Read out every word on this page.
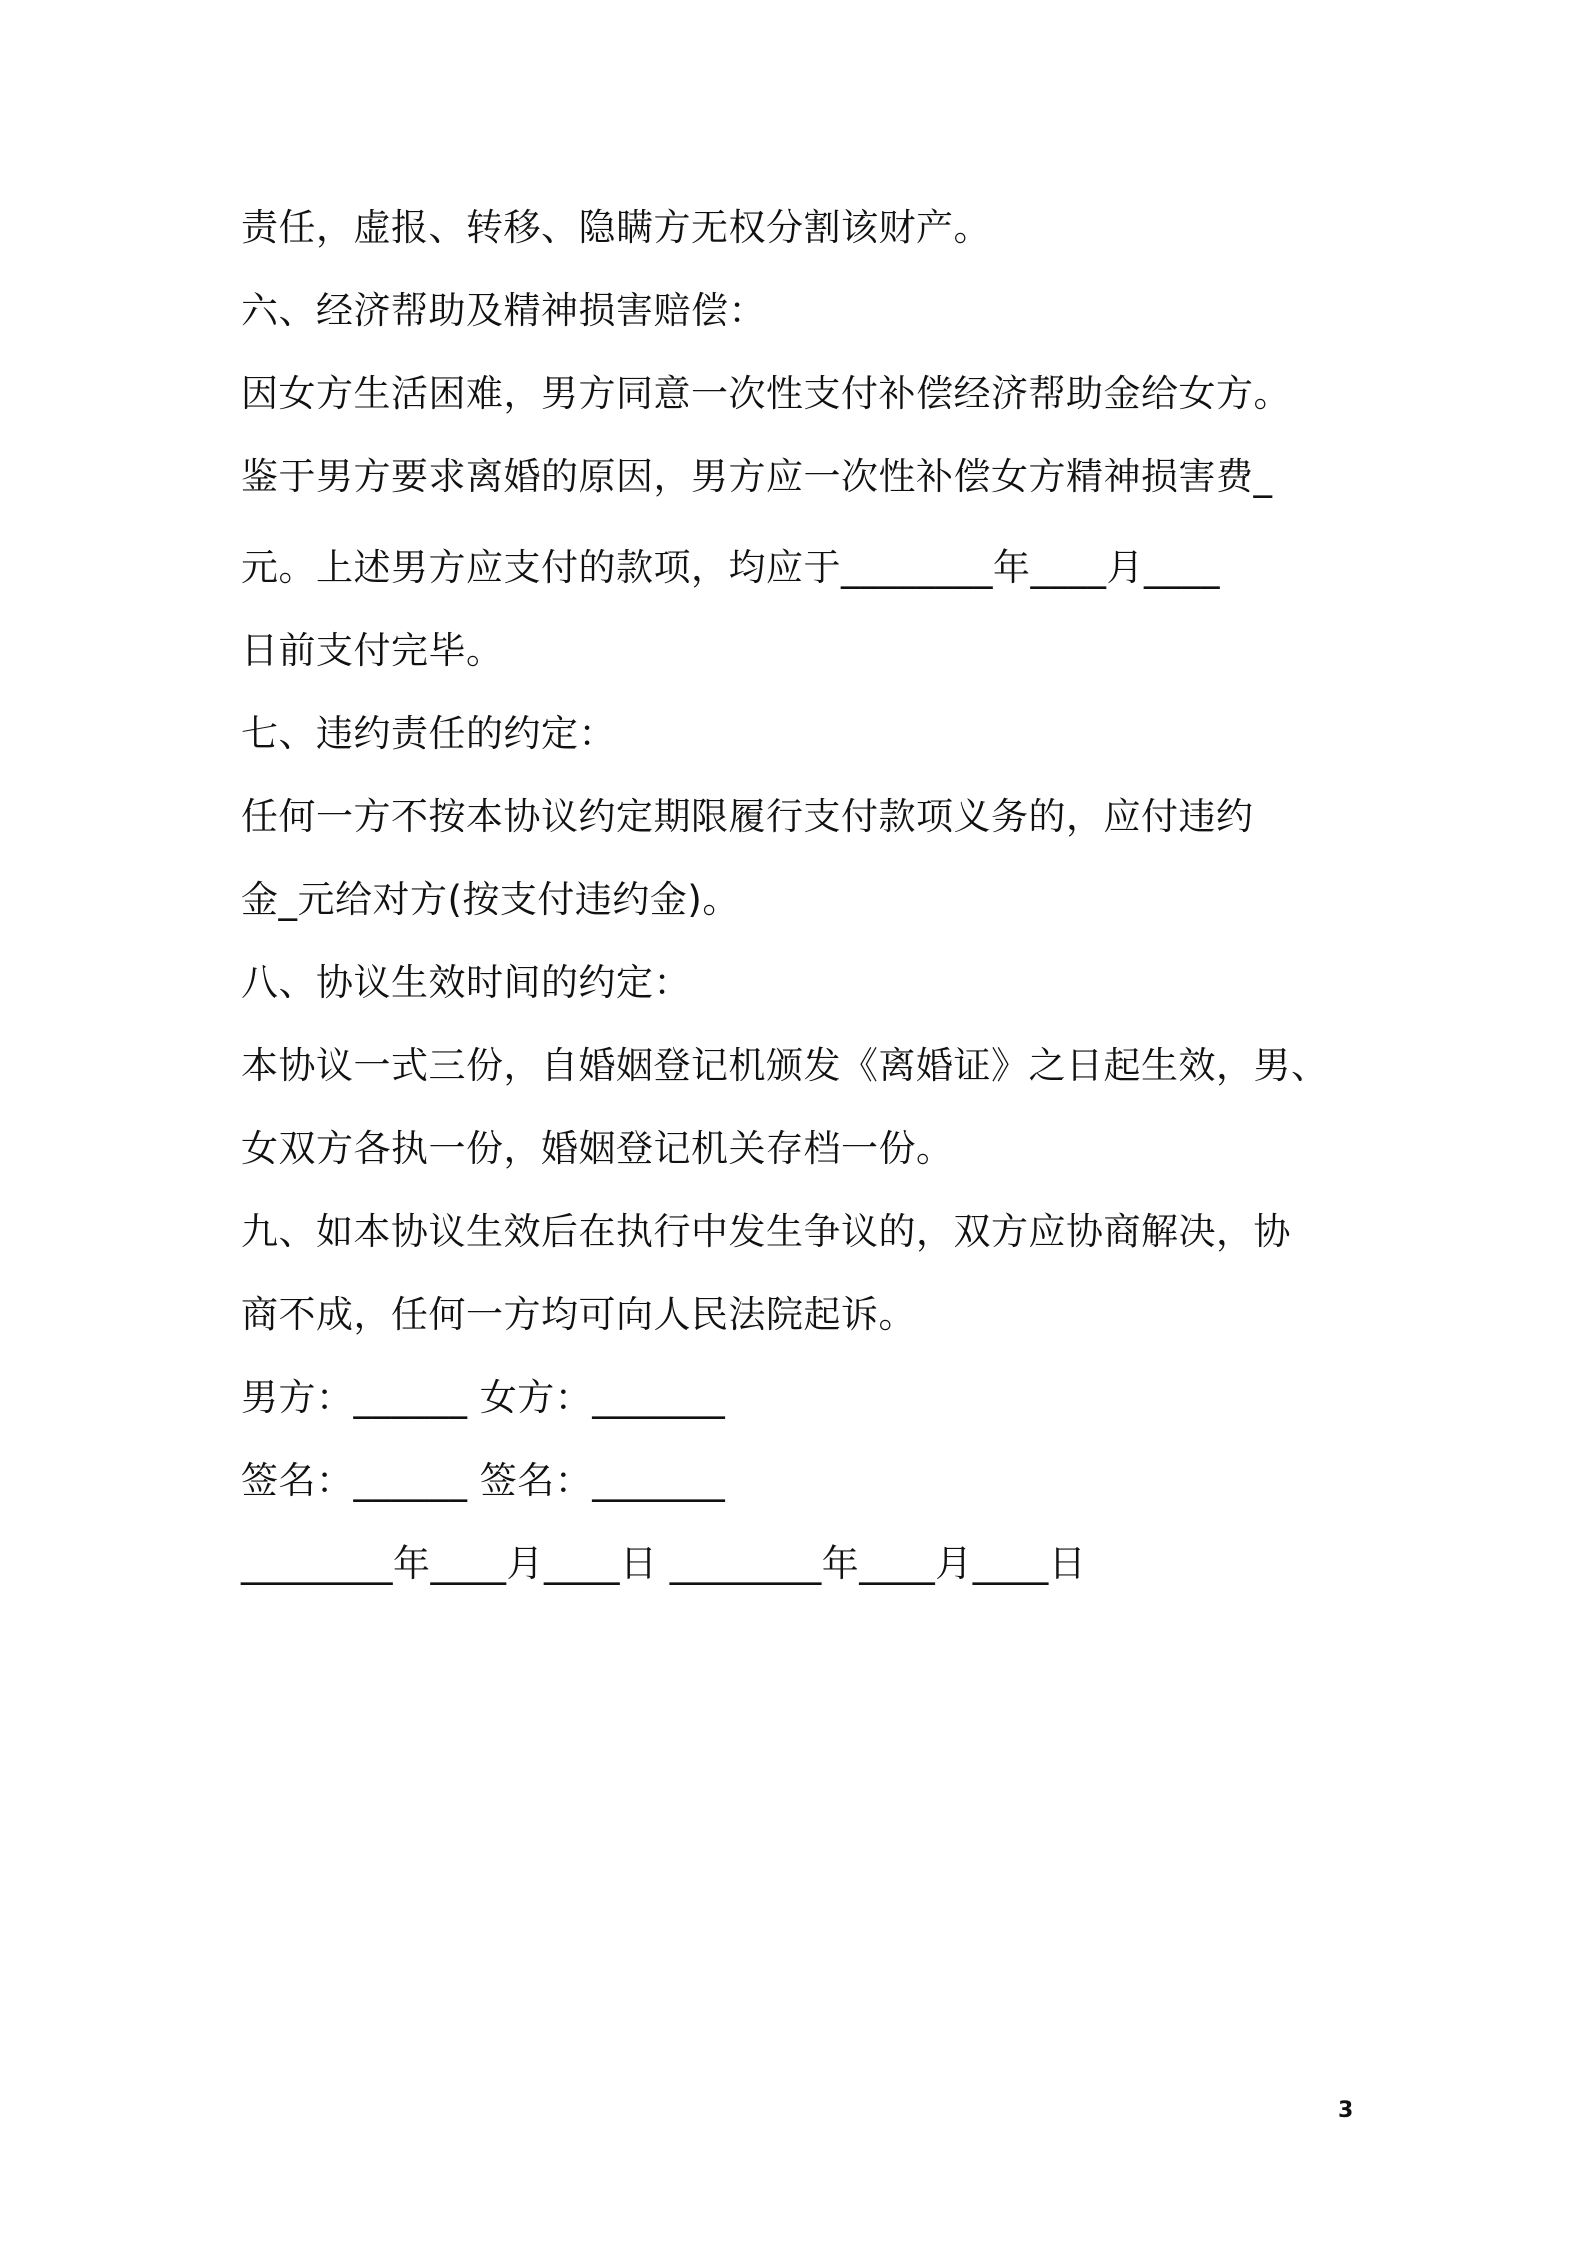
责任，虚报、转移、隐瞒方无权分割该财产。
六、经济帮助及精神损害赔偿：
因女方生活困难，男方同意一次性支付补偿经济帮助金给女方。
鉴于男方要求离婚的原因，男方应一次性补偿女方精神损害费_
元。上述男方应支付的款项，均应于________年____月____
日前支付完毕。
七、违约责任的约定：
任何一方不按本协议约定期限履行支付款项义务的，应付违约
金_元给对方(按支付违约金)。
八、协议生效时间的约定：
本协议一式三份，自婚姻登记机颁发《离婚证》之日起生效，男、
女双方各执一份，婚姻登记机关存档一份。
九、如本协议生效后在执行中发生争议的，双方应协商解决，协
商不成，任何一方均可向人民法院起诉。
男方：______ 女方：_______
签名：______ 签名：_______
________年____月____日 ________年____月____日
3
